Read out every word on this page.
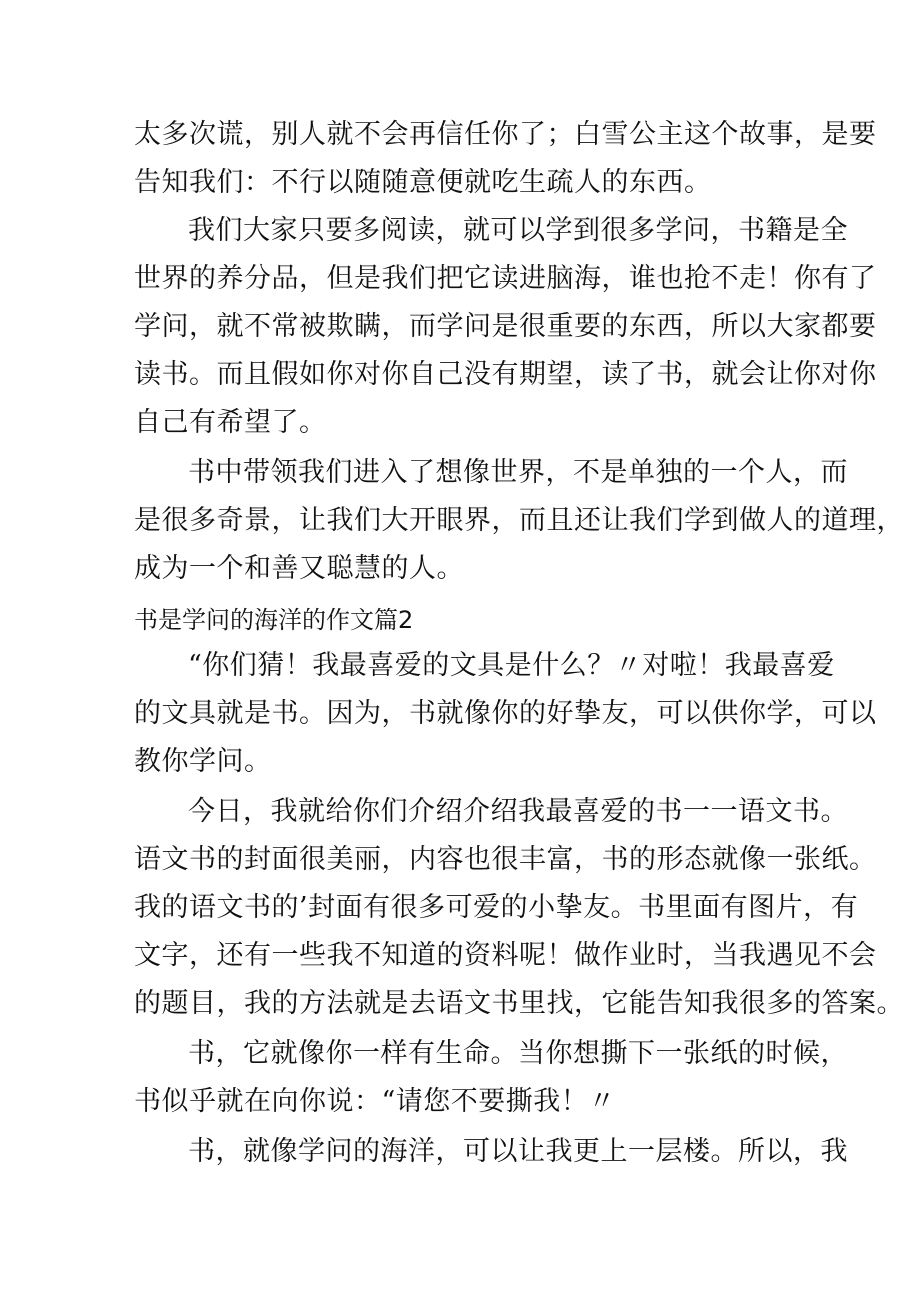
太多次谎，别人就不会再信任你了；白雪公主这个故事，是要
告知我们：不行以随随意便就吃生疏人的东西。
我们大家只要多阅读，就可以学到很多学问，书籍是全
世界的养分品，但是我们把它读进脑海，谁也抢不走！你有了
学问，就不常被欺瞒，而学问是很重要的东西，所以大家都要
读书。而且假如你对你自己没有期望，读了书，就会让你对你
自己有希望了。
书中带领我们进入了想像世界，不是单独的一个人，而
是很多奇景，让我们大开眼界，而且还让我们学到做人的道理，
成为一个和善又聪慧的人。
书是学问的海洋的作文篇2
“你们猜！我最喜爱的文具是什么？〃对啦！我最喜爱
的文具就是书。因为，书就像你的好挚友，可以供你学，可以
教你学问。
今日，我就给你们介绍介绍我最喜爱的书一一语文书。
语文书的封面很美丽，内容也很丰富，书的形态就像一张纸。
我的语文书的’封面有很多可爱的小挚友。书里面有图片，有
文字，还有一些我不知道的资料呢！做作业时，当我遇见不会
的题目，我的方法就是去语文书里找，它能告知我很多的答案。
书，它就像你一样有生命。当你想撕下一张纸的时候，
书似乎就在向你说：“请您不要撕我！〃
书，就像学问的海洋，可以让我更上一层楼。所以，我
